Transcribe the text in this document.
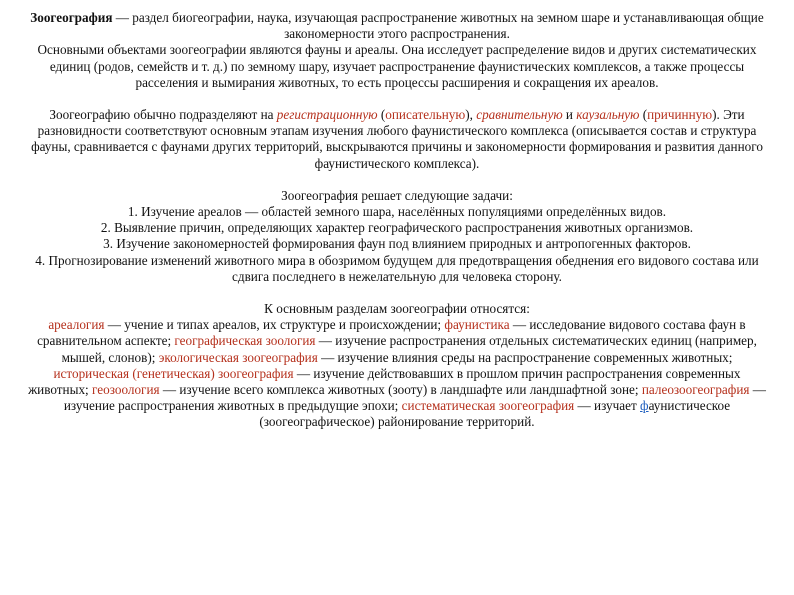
Зоогеография — раздел биогеографии, наука, изучающая распространение животных на земном шаре и устанавливающая общие закономерности этого распространения.

Основными объектами зоогеографии являются фауны и ареалы. Она исследует распределение видов и других систематических единиц (родов, семейств и т. д.) по земному шару, изучает распространение фаунистических комплексов, а также процессы расселения и вымирания животных, то есть процессы расширения и сокращения их ареалов.

Зоогеографию обычно подразделяют на регистрационную (описательную), сравнительную и каузальную (причинную). Эти разновидности соответствуют основным этапам изучения любого фаунистического комплекса (описывается состав и структура фауны, сравнивается с фаунами других территорий, выскрываются причины и закономерности формирования и развития данного фаунистического комплекса).

Зоогеография решает следующие задачи:

1. Изучение ареалов — областей земного шара, населённых популяциями определённых видов.

2. Выявление причин, определяющих характер географического распространения животных организмов.

3. Изучение закономерностей формирования фаун под влиянием природных и антропогенных факторов.

4. Прогнозирование изменений животного мира в обозримом будущем для предотвращения обеднения его видового состава или сдвига последнего в нежелательную для человека сторону.

К основным разделам зоогеографии относятся:

ареалогия — учение и типах ареалов, их структуре и происхождении; фаунистика — исследование видового состава фаун в сравнительном аспекте; географическая зоология — изучение распространения отдельных систематических единиц (например, мышей, слонов); экологическая зоогеография — изучение влияния среды на распространение современных животных; историческая (генетическая) зоогеография — изучение действовавших в прошлом причин распространения современных животных; геозоология — изучение всего комплекса животных (зооту) в ландшафте или ландшафтной зоне; палеозоогеография — изучение распространения животных в предыдущие эпохи; систематическая зоогеография — изучает фаунистическое (зоогеографическое) районирование территорий.
